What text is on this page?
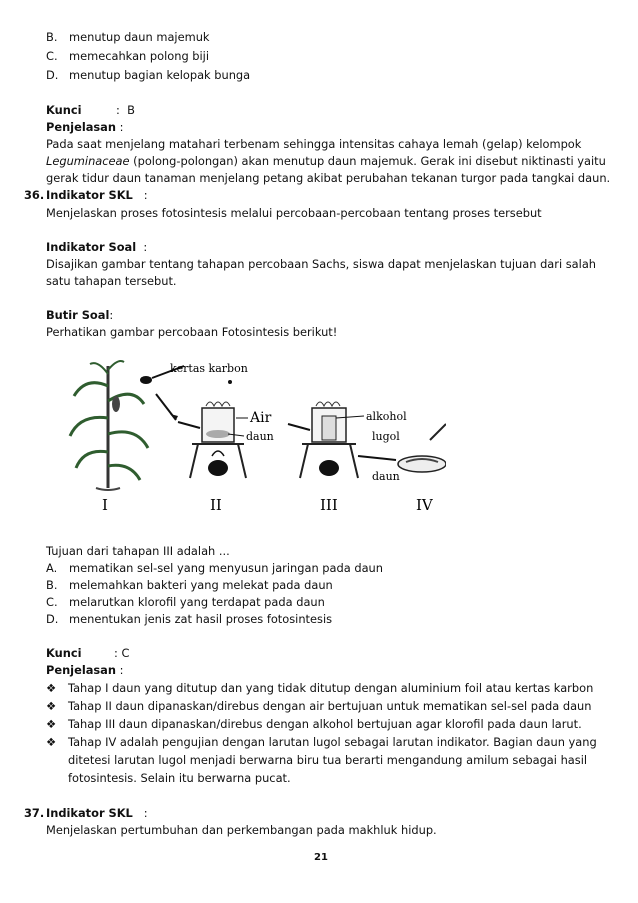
B. menutup daun majemuk
C. memecahkan polong biji
D. menutup bagian kelopak bunga
Kunci	: B
Penjelasan :
Pada saat menjelang matahari terbenam sehingga intensitas cahaya lemah (gelap) kelompok
Leguminaceae (polong-polongan) akan menutup daun majemuk. Gerak ini disebut niktinasti yaitu
gerak tidur daun tanaman menjelang petang akibat perubahan tekanan turgor pada tangkai daun.
36. Indikator SKL :
Menjelaskan proses fotosintesis melalui percobaan-percobaan tentang proses tersebut
Indikator Soal :
Disajikan gambar tentang tahapan percobaan Sachs, siswa dapat menjelaskan tujuan dari salah
satu tahapan tersebut.
Butir Soal:
Perhatikan gambar percobaan Fotosintesis berikut!
kertas karbon
Air
daun
alkohol
lugol
daun
I	II	III	IV
Tujuan dari tahapan III adalah ...
A. mematikan sel-sel yang menyusun jaringan pada daun
B. melemahkan bakteri yang melekat pada daun
C. melarutkan klorofil yang terdapat pada daun
D. menentukan jenis zat hasil proses fotosintesis
Kunci	: C
Penjelasan :
❖ Tahap I daun yang ditutup dan yang tidak ditutup dengan aluminium foil atau kertas karbon
❖ Tahap II daun dipanaskan/direbus dengan air bertujuan untuk mematikan sel-sel pada daun
❖ Tahap III daun dipanaskan/direbus dengan alkohol bertujuan agar klorofil pada daun larut.
❖ Tahap IV adalah pengujian dengan larutan lugol sebagai larutan indikator. Bagian daun yang
ditetesi larutan lugol menjadi berwarna biru tua berarti mengandung amilum sebagai hasil
fotosintesis. Selain itu berwarna pucat.
37. Indikator SKL :
Menjelaskan pertumbuhan dan perkembangan pada makhluk hidup.
21
